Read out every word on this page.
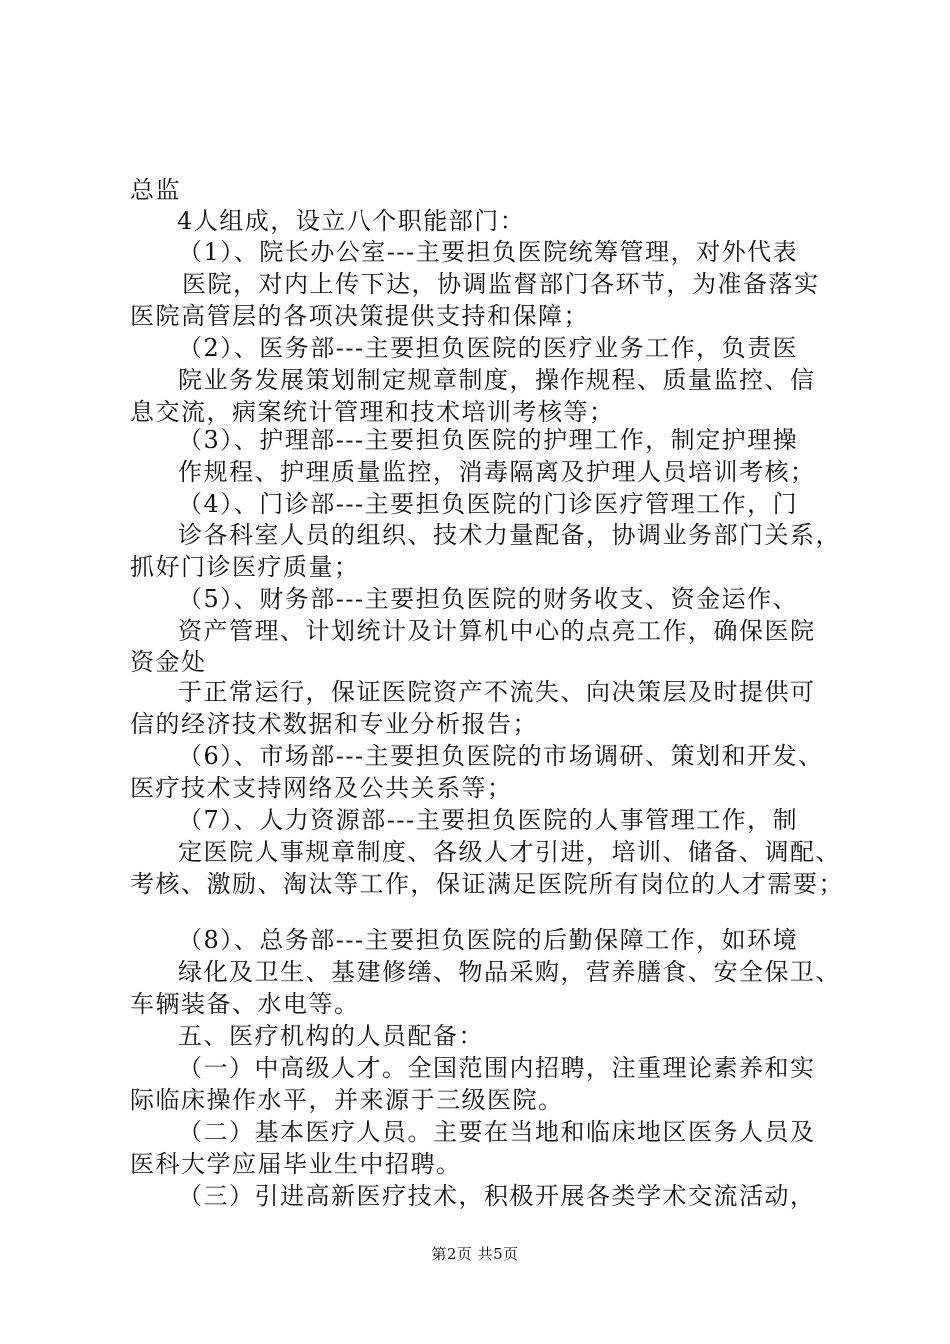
总监
4人组成，设立八个职能部门：
（1）、院长办公室---主要担负医院统筹管理，对外代表
医院，对内上传下达，协调监督部门各环节，为准备落实
医院高管层的各项决策提供支持和保障；
（2）、医务部---主要担负医院的医疗业务工作，负责医
院业务发展策划制定规章制度，操作规程、质量监控、信
息交流，病案统计管理和技术培训考核等；
（3）、护理部---主要担负医院的护理工作，制定护理操
作规程、护理质量监控，消毒隔离及护理人员培训考核；
（4）、门诊部---主要担负医院的门诊医疗管理工作，门
诊各科室人员的组织、技术力量配备，协调业务部门关系，
抓好门诊医疗质量；
（5）、财务部---主要担负医院的财务收支、资金运作、
资产管理、计划统计及计算机中心的点亮工作，确保医院
资金处
于正常运行，保证医院资产不流失、向决策层及时提供可
信的经济技术数据和专业分析报告；
（6）、市场部---主要担负医院的市场调研、策划和开发、
医疗技术支持网络及公共关系等；
（7）、人力资源部---主要担负医院的人事管理工作，制
定医院人事规章制度、各级人才引进，培训、储备、调配、
考核、激励、淘汰等工作，保证满足医院所有岗位的人才需要；
（8）、总务部---主要担负医院的后勤保障工作，如环境
绿化及卫生、基建修缮、物品采购，营养膳食、安全保卫、
车辆装备、水电等。
五、医疗机构的人员配备：
（一）中高级人才。全国范围内招聘，注重理论素养和实
际临床操作水平，并来源于三级医院。
（二）基本医疗人员。主要在当地和临床地区医务人员及
医科大学应届毕业生中招聘。
（三）引进高新医疗技术，积极开展各类学术交流活动，
第2页 共5页
